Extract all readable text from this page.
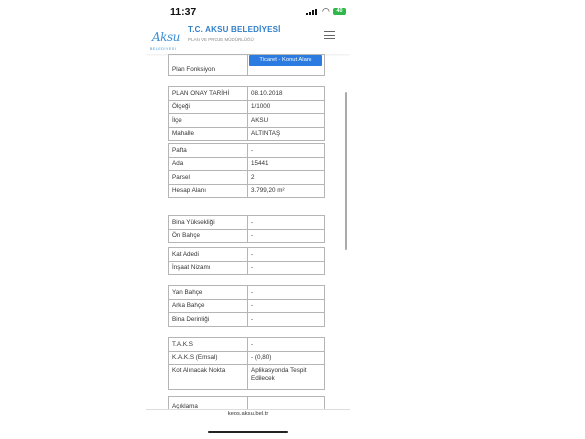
11:37	◠	40
Aksu
BELEDİYESİ
T.C. AKSU BELEDİYESİ
PLAN VE PROJE MÜDÜRLÜĞÜ
Plan Fonksiyon	Ticaret - Konut Alanı
PLAN ONAY TARİHİ	08.10.2018
Ölçeği	1/1000
İlçe	AKSU
Mahalle	ALTINTAŞ
Pafta	-
Ada	15441
Parsel	2
Hesap Alanı	3.799,20 m²
Bina Yüksekliği	-
Ön Bahçe	-
Kat Adedi	-
İnşaat Nizamı	-
Yan Bahçe	-
Arka Bahçe	-
Bina Derinliği	-
T.A.K.S	-
K.A.K.S (Emsal)	- (0,80)
Kot Alınacak Nokta	Aplikasyonda Tespit Edilecek
Açıklama	
keos.aksu.bel.tr
